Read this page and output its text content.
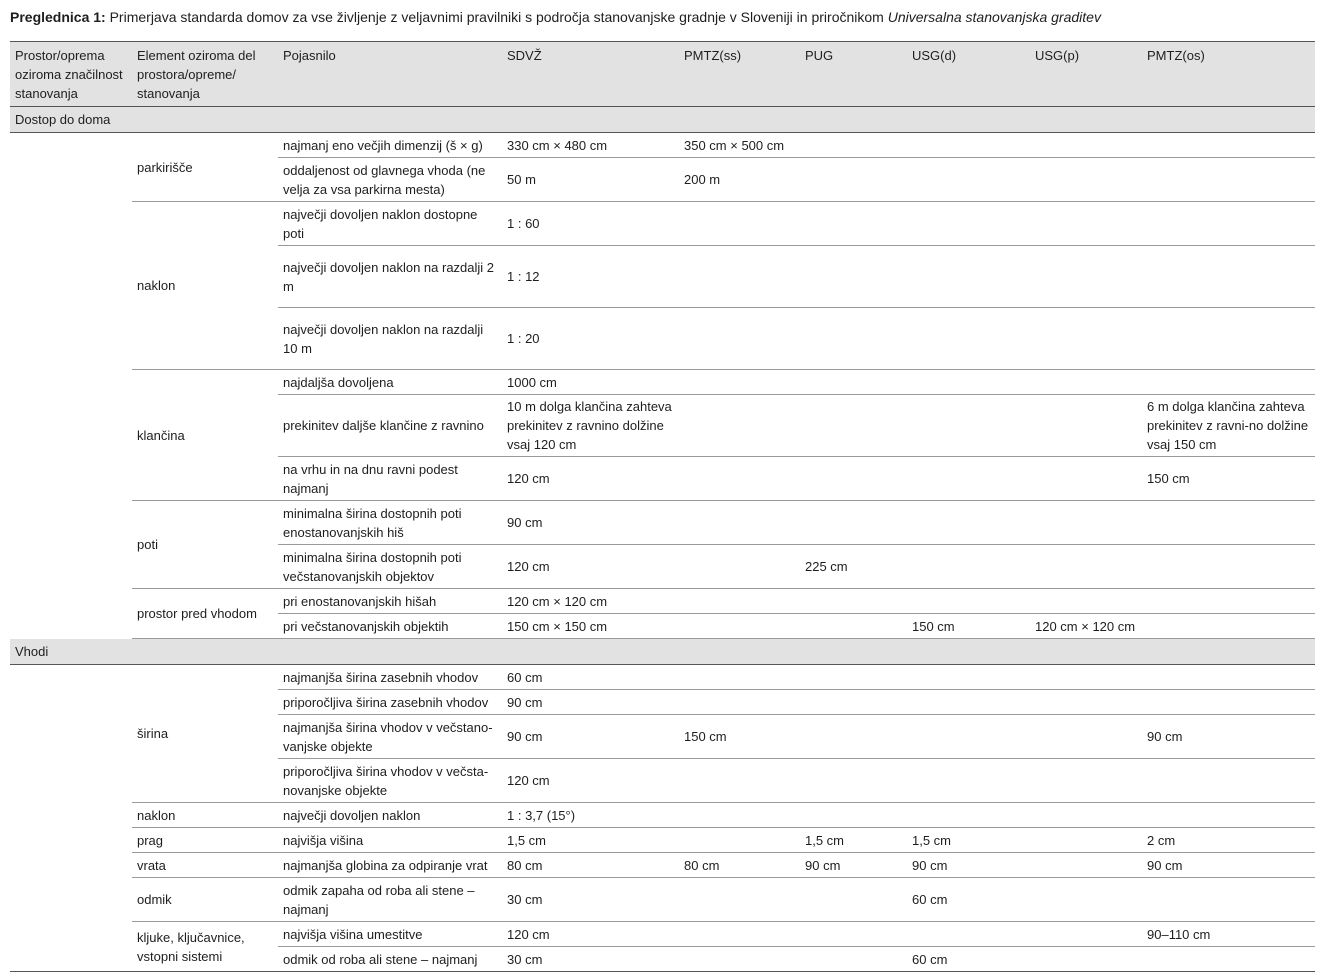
Preglednica 1: Primerjava standarda domov za vse življenje z veljavnimi pravilniki s področja stanovanjske gradnje v Sloveniji in priročnikom Universalna stanovanjska graditev
Prostor/oprema oziroma značilnost stanovanja	Element oziroma del prostora/opreme/ stanovanja	Pojasnilo	SDVŽ	PMTZ(ss)	PUG	USG(d)	USG(p)	PMTZ(os)
Dostop do doma								
	parkirišče	najmanj eno večjih dimenzij (š × g)	330 cm × 480 cm	350 cm × 500 cm				
		oddaljenost od glavnega vhoda (ne velja za vsa parkirna mesta)	50 m	200 m				
	naklon	največji dovoljen naklon dostopne poti	1 : 60					
		največji dovoljen naklon na razdalji 2 m	1 : 12					
		največji dovoljen naklon na razdalji 10 m	1 : 20					
	klančina	najdaljša dovoljena	1000 cm					
		prekinitev daljše klančine z ravnino	10 m dolga klančina zahteva prekinitev z ravnino dolžine vsaj 120 cm					6 m dolga klančina zahteva prekinitev z ravni-no dolžine vsaj 150 cm
		na vrhu in na dnu ravni podest najmanj	120 cm					150 cm
	poti	minimalna širina dostopnih poti enostanovanjskih hiš	90 cm					
		minimalna širina dostopnih poti večstanovanjskih objektov	120 cm		225 cm			
	prostor pred vhodom	pri enostanovanjskih hišah	120 cm × 120 cm					
		pri večstanovanjskih objektih	150 cm × 150 cm			150 cm	120 cm × 120 cm	
Vhodi								
	širina	najmanjša širina zasebnih vhodov	60 cm					
		priporočljiva širina zasebnih vhodov	90 cm					
		najmanjša širina vhodov v večstano-vanjske objekte	90 cm	150 cm				90 cm
		priporočljiva širina vhodov v večsta-novanjske objekte	120 cm					
	naklon	največji dovoljen naklon	1 : 3,7 (15°)					
	prag	najvišja višina	1,5 cm		1,5 cm	1,5 cm		2 cm
	vrata	najmanjša globina za odpiranje vrat	80 cm	80 cm	90 cm	90 cm		90 cm
	odmik	odmik zapaha od roba ali stene – najmanj	30 cm			60 cm		
	kljuke, ključavnice, vstopni sistemi	najvišja višina umestitve	120 cm					90–110 cm
		odmik od roba ali stene – najmanj	30 cm			60 cm		
